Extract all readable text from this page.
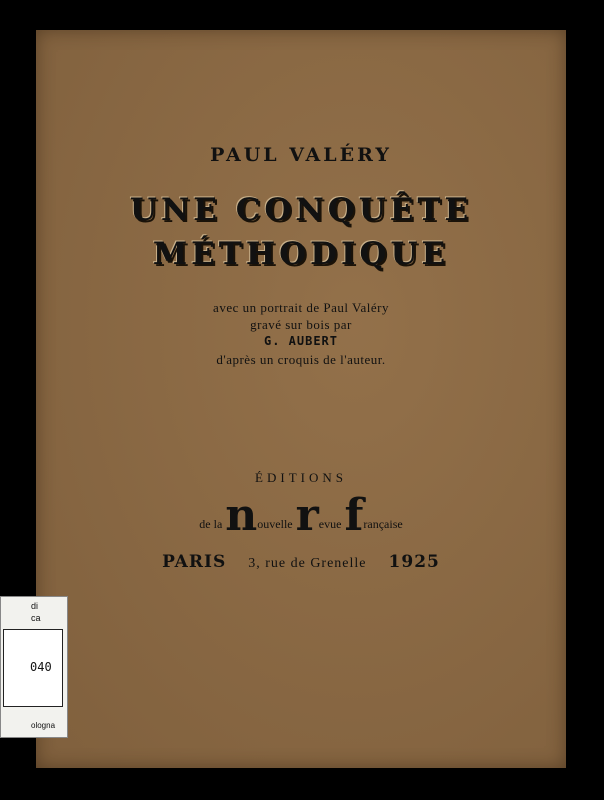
PAUL VALÉRY
UNE CONQUÊTE
MÉTHODIQUE
avec un portrait de Paul Valéry
gravé sur bois par
G. AUBERT
d'après un croquis de l'auteur.
ÉDITIONS
de la nouvelle revue française
PARIS 3, rue de Grenelle 1925
di
ca
040
ologna
